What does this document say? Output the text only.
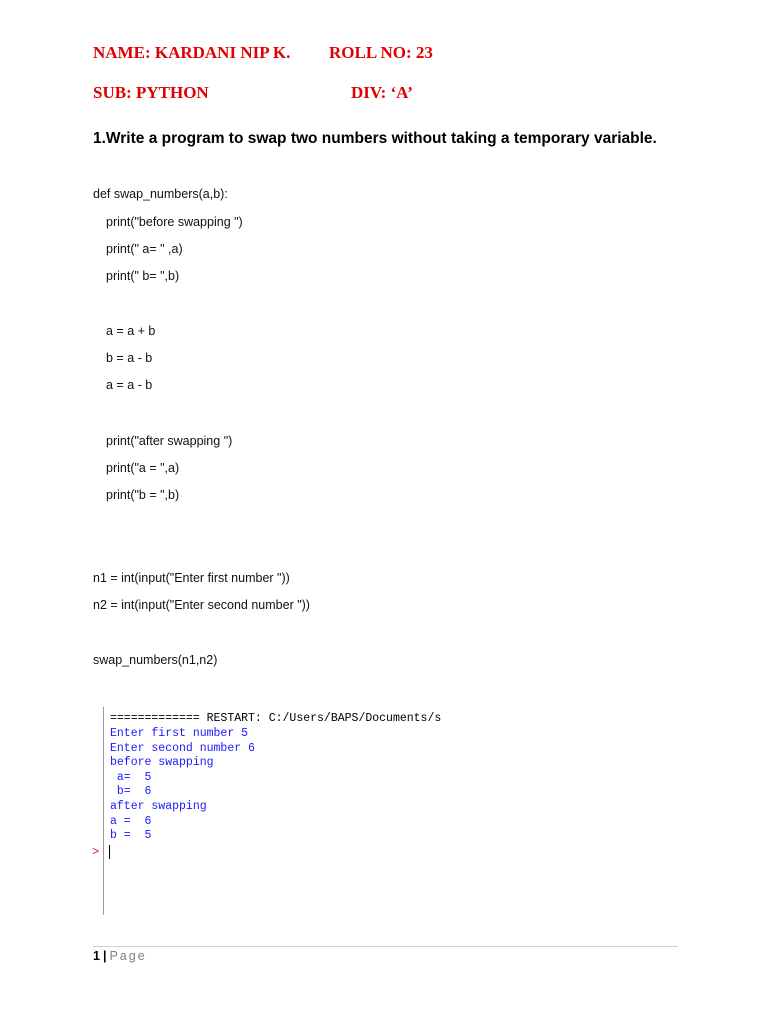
NAME: KARDANI NIP K. ROLL NO: 23
SUB: PYTHON	DIV: ‘A’
1.Write a program to swap two numbers without taking a temporary variable.
def swap_numbers(a,b):
print("before swapping ")
print(" a= " ,a)
print(" b= ",b)
a = a + b
b = a - b
a = a - b
print("after swapping ")
print("a = ",a)
print("b = ",b)
n1 = int(input("Enter first number "))
n2 = int(input("Enter second number "))
swap_numbers(n1,n2)
============= RESTART: C:/Users/BAPS/Documents/s
Enter first number 5
Enter second number 6
before swapping
a=  5
b=  6
after swapping
a =  6
b =  5
>
1 | Page
